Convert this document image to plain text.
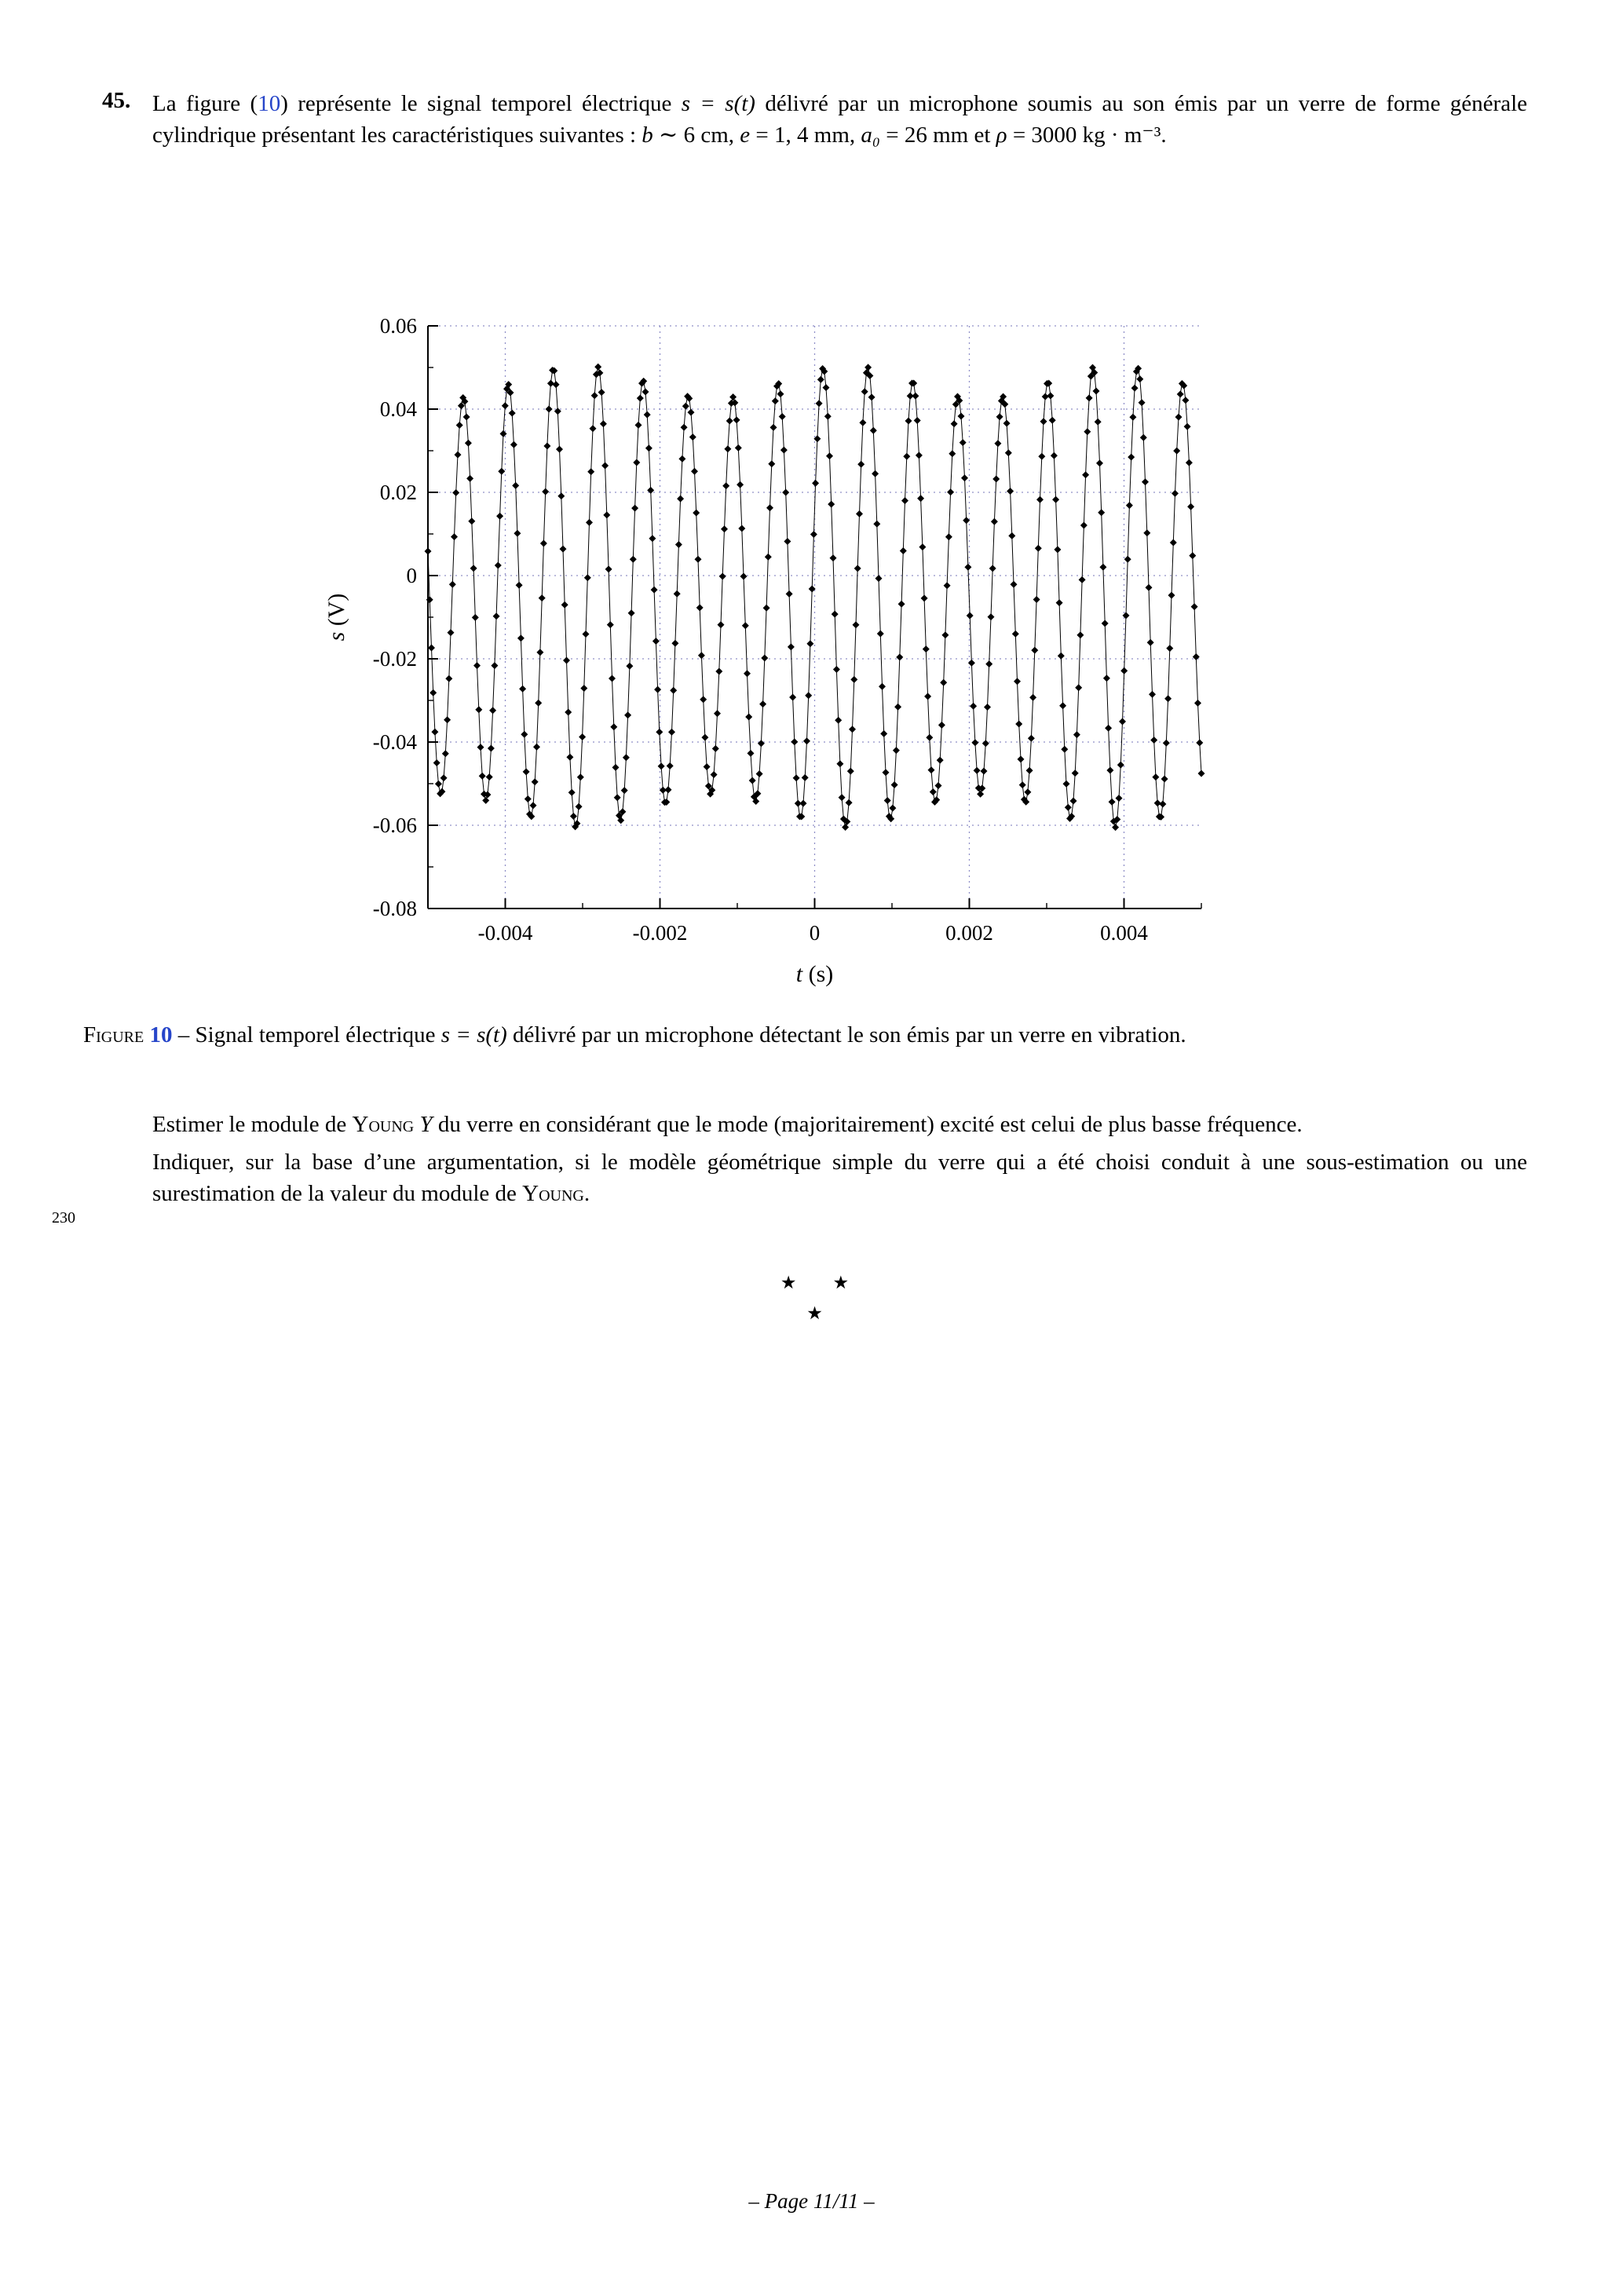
45. La figure (10) représente le signal temporel électrique s = s(t) délivré par un microphone soumis au son émis par un verre de forme générale cylindrique présentant les caractéristiques suivantes : b ∼ 6 cm, e = 1, 4 mm, a₀ = 26 mm et ρ = 3000 kg · m⁻³.
0.06
0.04
0.02
0
-0.02
-0.04
-0.06
-0.08
-0.004	-0.002	0	0.002	0.004
t (s)
s (V)
Figure 10 – Signal temporel électrique s = s(t) délivré par un microphone détectant le son émis par un verre en vibration.

Estimer le module de Young Y du verre en considérant que le mode (majoritairement) excité est celui de plus basse fréquence.

Indiquer, sur la base d’une argumentation, si le modèle géométrique simple du verre qui a été choisi conduit à une sous-estimation ou une surestimation de la valeur du module de Young.

★ ★
★
230
– Page 11/11 –
